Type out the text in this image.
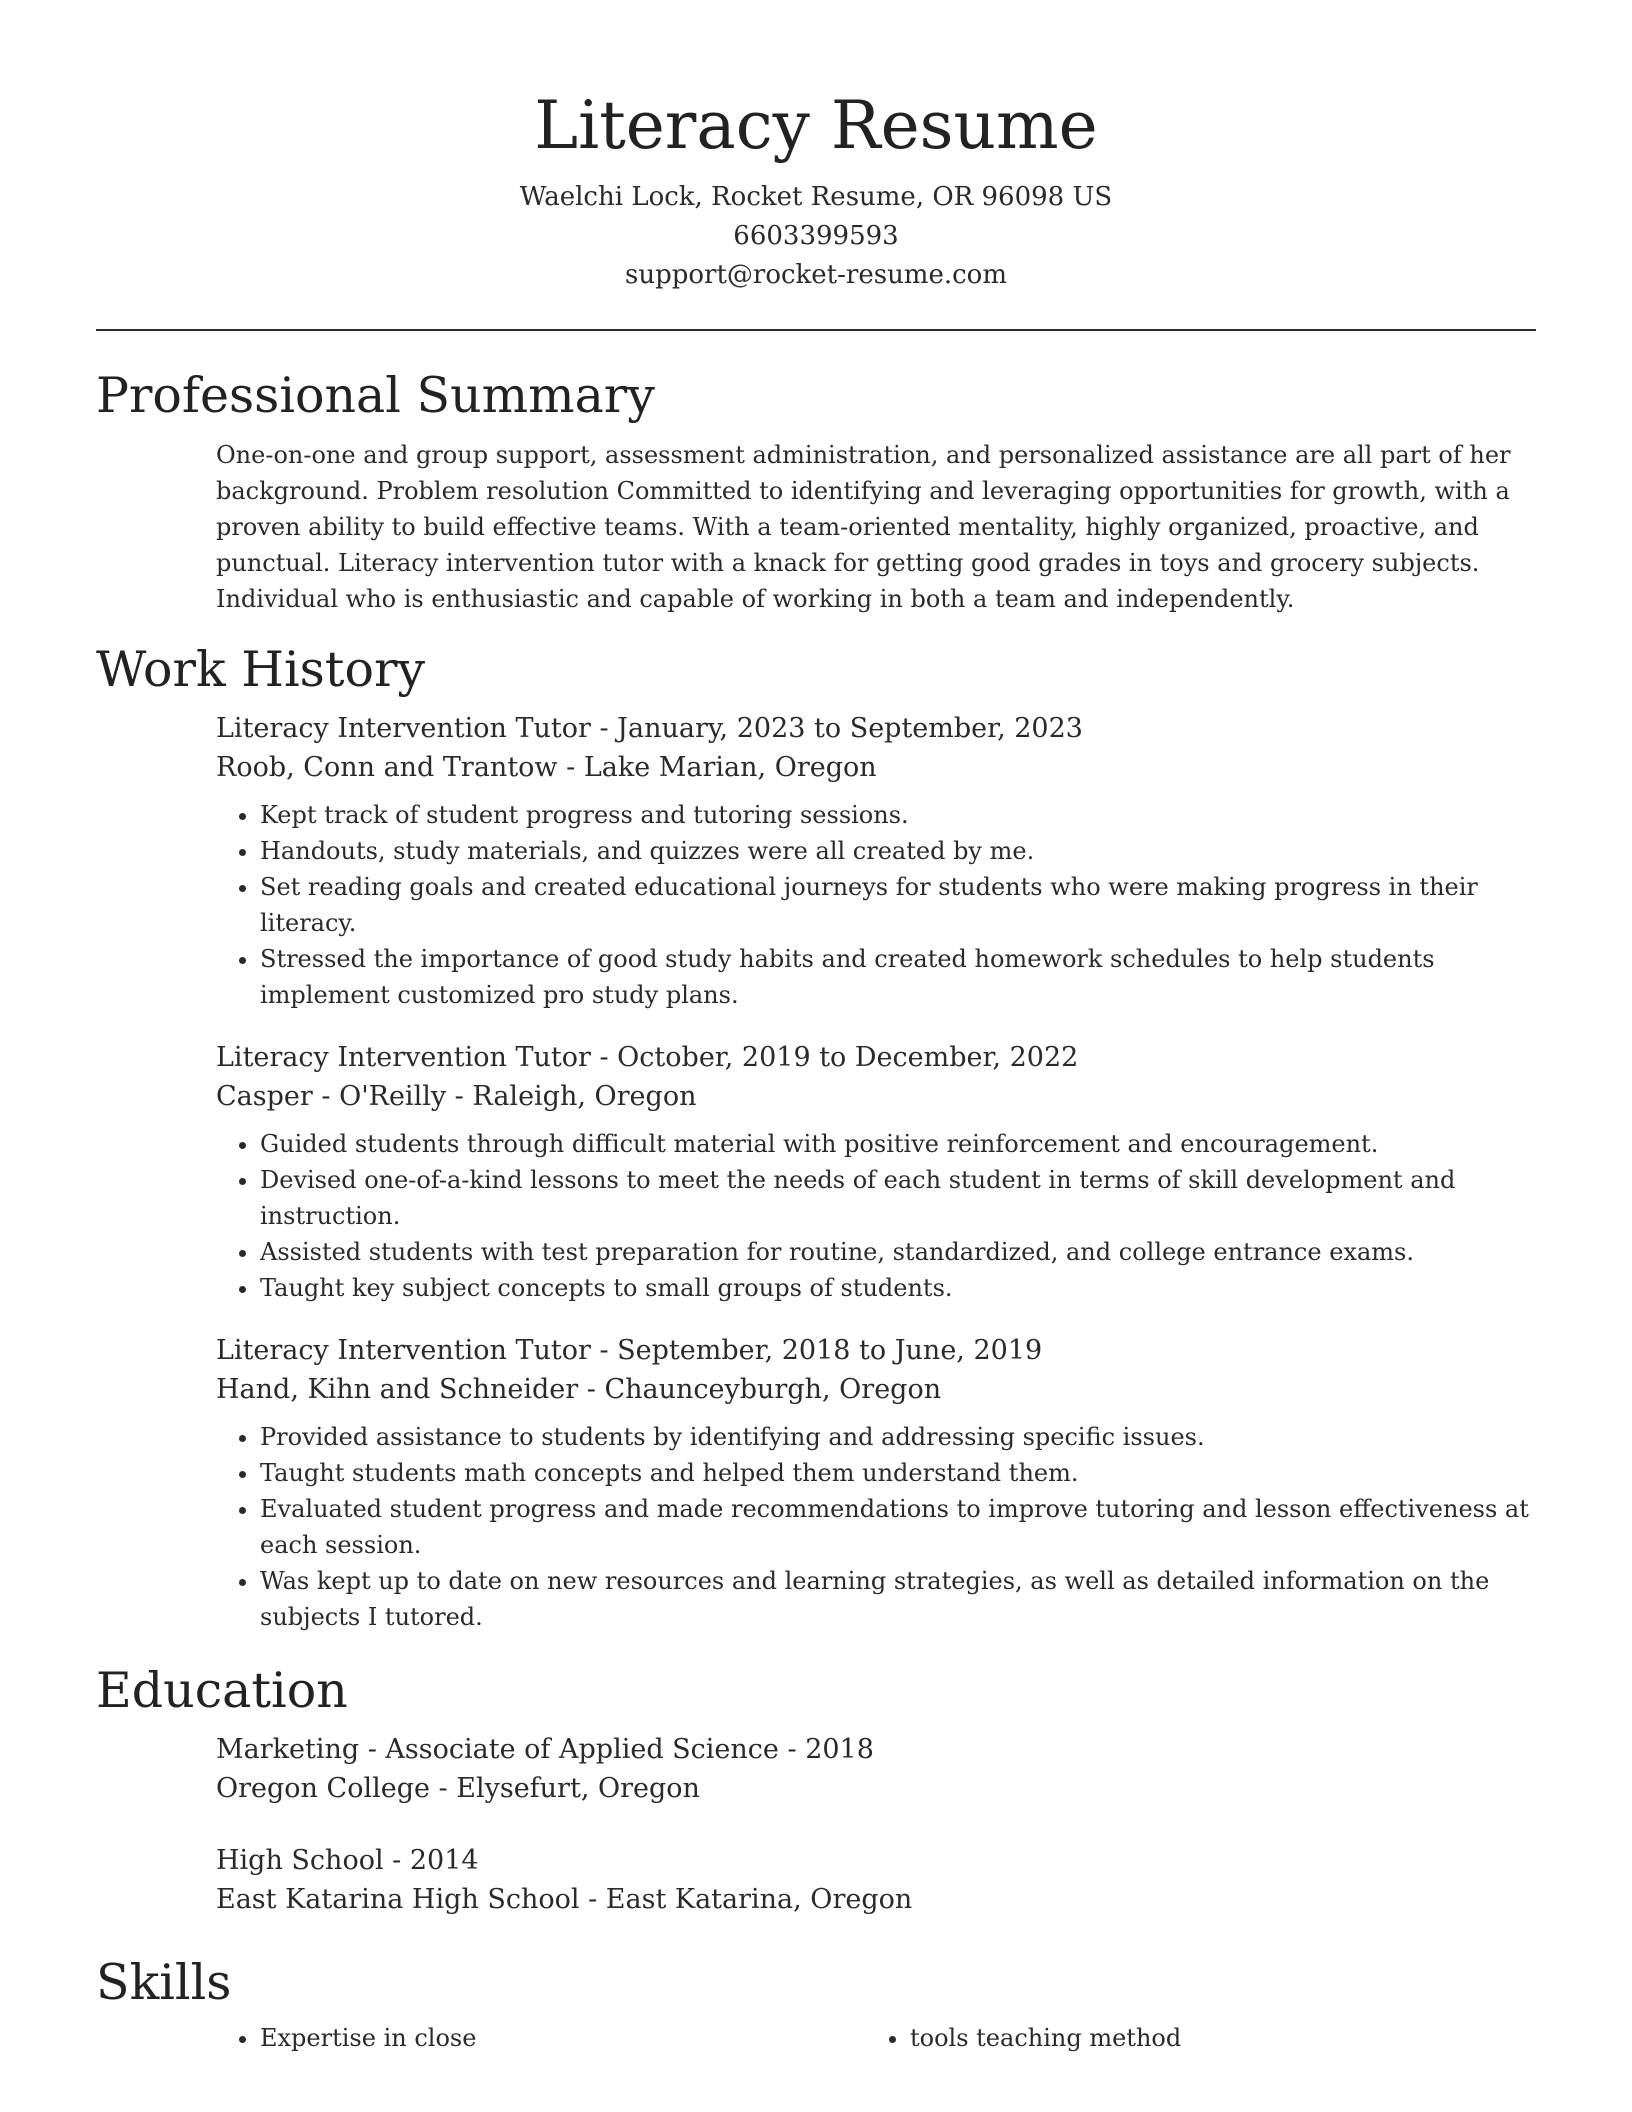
Literacy Resume
Waelchi Lock, Rocket Resume, OR 96098 US
6603399593
support@rocket-resume.com
Professional Summary

One-on-one and group support, assessment administration, and personalized assistance are all part of her background. Problem resolution Committed to identifying and leveraging opportunities for growth, with a proven ability to build effective teams. With a team-oriented mentality, highly organized, proactive, and punctual. Literacy intervention tutor with a knack for getting good grades in toys and grocery subjects. Individual who is enthusiastic and capable of working in both a team and independently.

Work History
Literacy Intervention Tutor - January, 2023 to September, 2023
Roob, Conn and Trantow - Lake Marian, Oregon
• Kept track of student progress and tutoring sessions.
• Handouts, study materials, and quizzes were all created by me.
• Set reading goals and created educational journeys for students who were making progress in their literacy.
• Stressed the importance of good study habits and created homework schedules to help students implement customized pro study plans.
Literacy Intervention Tutor - October, 2019 to December, 2022
Casper - O'Reilly - Raleigh, Oregon
• Guided students through difficult material with positive reinforcement and encouragement.
• Devised one-of-a-kind lessons to meet the needs of each student in terms of skill development and instruction.
• Assisted students with test preparation for routine, standardized, and college entrance exams.
• Taught key subject concepts to small groups of students.
Literacy Intervention Tutor - September, 2018 to June, 2019
Hand, Kihn and Schneider - Chaunceyburgh, Oregon
• Provided assistance to students by identifying and addressing specific issues.
• Taught students math concepts and helped them understand them.
• Evaluated student progress and made recommendations to improve tutoring and lesson effectiveness at each session.
• Was kept up to date on new resources and learning strategies, as well as detailed information on the subjects I tutored.
Education
Marketing - Associate of Applied Science - 2018
Oregon College - Elysefurt, Oregon
High School - 2014
East Katarina High School - East Katarina, Oregon
Skills
• Expertise in close
•	tools teaching method
